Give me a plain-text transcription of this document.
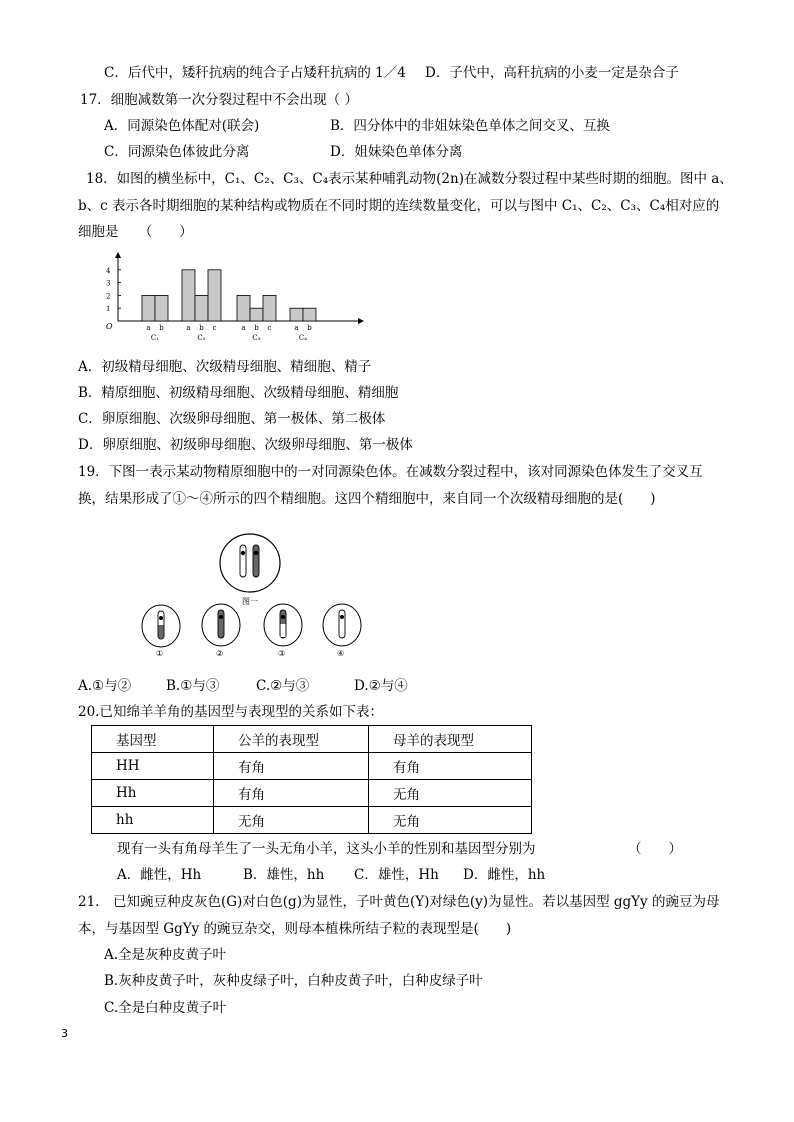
C．后代中，矮秆抗病的纯合子占矮秆抗病的 1／4 D．子代中，高秆抗病的小麦一定是杂合子
17．细胞减数第一次分裂过程中不会出现（ ）
A．同源染色体配对(联会)	B．四分体中的非姐妹染色单体之间交叉、互换
C．同源染色体彼此分离	D．姐妹染色单体分离
18．如图的横坐标中，C₁、C₂、C₃、C₄表示某种哺乳动物(2n)在减数分裂过程中某些时期的细胞。图中 a、
b、c 表示各时期细胞的某种结构或物质在不同时期的连续数量变化，可以与图中 C₁、C₂、C₃、C₄相对应的
细胞是　　（　　）
O
1
2
3
4
a b
C₁
a b c
C₂
a b c
C₃
a b
C₄
A．初级精母细胞、次级精母细胞、精细胞、精子
B．精原细胞、初级精母细胞、次级精母细胞、精细胞
C．卵原细胞、次级卵母细胞、第一极体、第二极体
D．卵原细胞、初级卵母细胞、次级卵母细胞、第一极体
19．下图一表示某动物精原细胞中的一对同源染色体。在减数分裂过程中，该对同源染色体发生了交叉互
换，结果形成了①～④所示的四个精细胞。这四个精细胞中，来自同一个次级精母细胞的是(　　)
图一
①	②	③	④
A.①与②	B.①与③	C.②与③	D.②与④
20.已知绵羊羊角的基因型与表现型的关系如下表：
基因型	公羊的表现型	母羊的表现型
HH	有角	有角
Hh	有角	无角
hh	无角	无角
现有一头有角母羊生了一头无角小羊，这头小羊的性别和基因型分别为	（　　）
A．雌性，Hh	B．雄性，hh C．雄性，Hh D．雌性，hh
21.　已知豌豆种皮灰色(G)对白色(g)为显性，子叶黄色(Y)对绿色(y)为显性。若以基因型 ggYy 的豌豆为母
本，与基因型 GgYy 的豌豆杂交，则母本植株所结子粒的表现型是(　　)
A.全是灰种皮黄子叶
B.灰种皮黄子叶，灰种皮绿子叶，白种皮黄子叶，白种皮绿子叶
C.全是白种皮黄子叶
3
